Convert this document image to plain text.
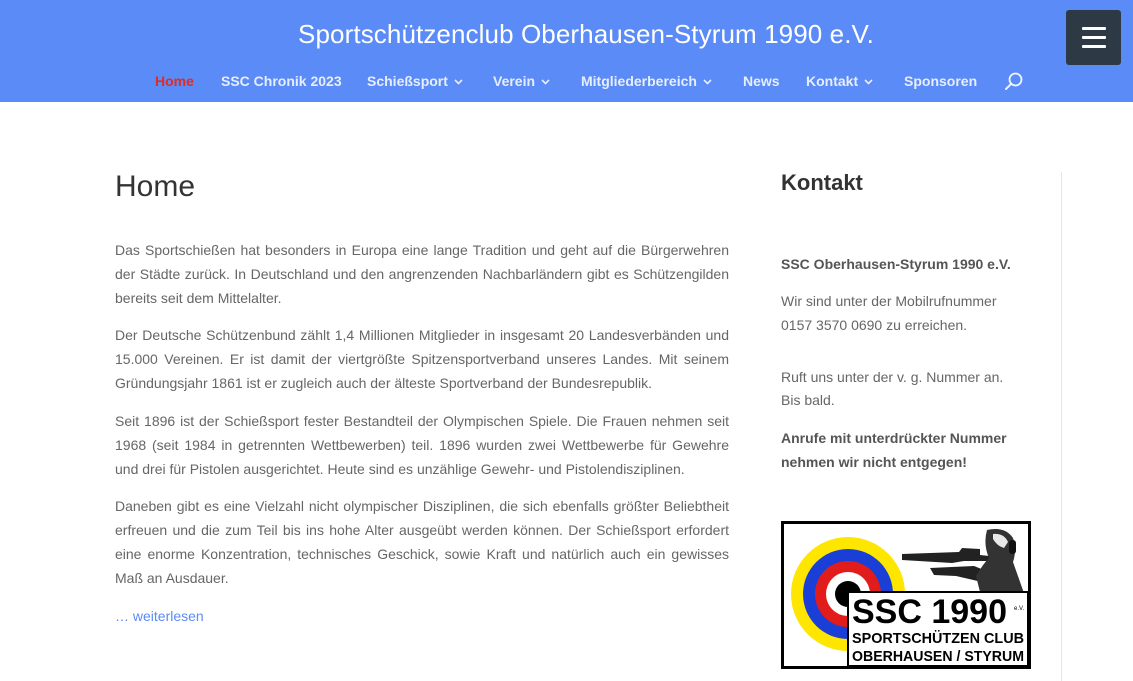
Sportschützenclub Oberhausen-Styrum 1990 e.V.
Home SSC Chronik 2023 Schießsport	Verein	Mitgliederbereich	News Kontakt	Sponsoren
Home

Das Sportschießen hat besonders in Europa eine lange Tradition und geht auf die Bürgerwehren der Städte zurück. In Deutschland und den angrenzenden Nachbarländern gibt es Schützengilden bereits seit dem Mittelalter.

Der Deutsche Schützenbund zählt 1,4 Millionen Mitglieder in insgesamt 20 Landesverbänden und 15.000 Vereinen. Er ist damit der viertgrößte Spitzensportverband unseres Landes. Mit seinem Gründungsjahr 1861 ist er zugleich auch der älteste Sportverband der Bundesrepublik.

Seit 1896 ist der Schießsport fester Bestandteil der Olympischen Spiele. Die Frauen nehmen seit 1968 (seit 1984 in getrennten Wettbewerben) teil. 1896 wurden zwei Wettbewerbe für Gewehre und drei für Pistolen ausgerichtet. Heute sind es unzählige Gewehr- und Pistolendisziplinen.

Daneben gibt es eine Vielzahl nicht olympischer Disziplinen, die sich ebenfalls größter Beliebtheit erfreuen und die zum Teil bis ins hohe Alter ausgeübt werden können. Der Schießsport erfordert eine enorme Konzentration, technisches Geschick, sowie Kraft und natürlich auch ein gewisses Maß an Ausdauer.

… weiterlesen
Kontakt
SSC Oberhausen-Styrum 1990 e.V.
Wir sind unter der Mobilrufnummer
0157 3570 0690 zu erreichen.
Ruft uns unter der v. g. Nummer an.
Bis bald.
Anrufe mit unterdrückter Nummer nehmen wir nicht entgegen!
SSC 1990 e.V.
SPORTSCHÜTZEN CLUB
OBERHAUSEN / STYRUM
